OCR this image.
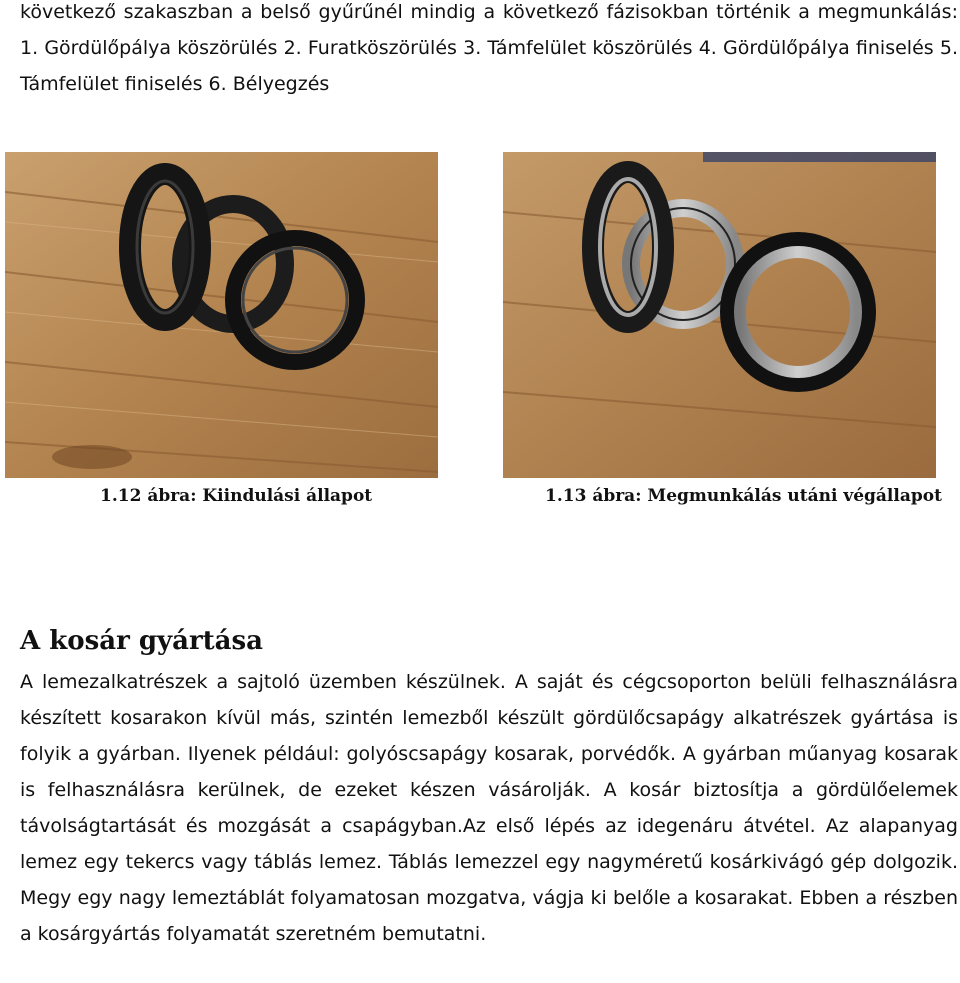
következő szakaszban a belső gyűrűnél mindig a következő fázisokban történik a megmunkálás: 1. Gördülőpálya köszörülés 2. Furatköszörülés 3. Támfelület köszörülés 4. Gördülőpálya finiselés 5. Támfelület finiselés 6. Bélyegzés

1.12 ábra: Kiindulási állapot	1.13 ábra: Megmunkálás utáni végállapot
A kosár gyártása

A lemezalkatrészek a sajtoló üzemben készülnek. A saját és cégcsoporton belüli felhasználásra készített kosarakon kívül más, szintén lemezből készült gördülőcsapágy alkatrészek gyártása is folyik a gyárban. Ilyenek például: golyóscsapágy kosarak, porvédők. A gyárban műanyag kosarak is felhasználásra kerülnek, de ezeket készen vásárolják. A kosár biztosítja a gördülőelemek távolságtartását és mozgását a csapágyban.Az első lépés az idegenáru átvétel. Az alapanyag lemez egy tekercs vagy táblás lemez. Táblás lemezzel egy nagyméretű kosárkivágó gép dolgozik. Megy egy nagy lemeztáblát folyamatosan mozgatva, vágja ki belőle a kosarakat. Ebben a részben a kosárgyártás folyamatát szeretném bemutatni.
